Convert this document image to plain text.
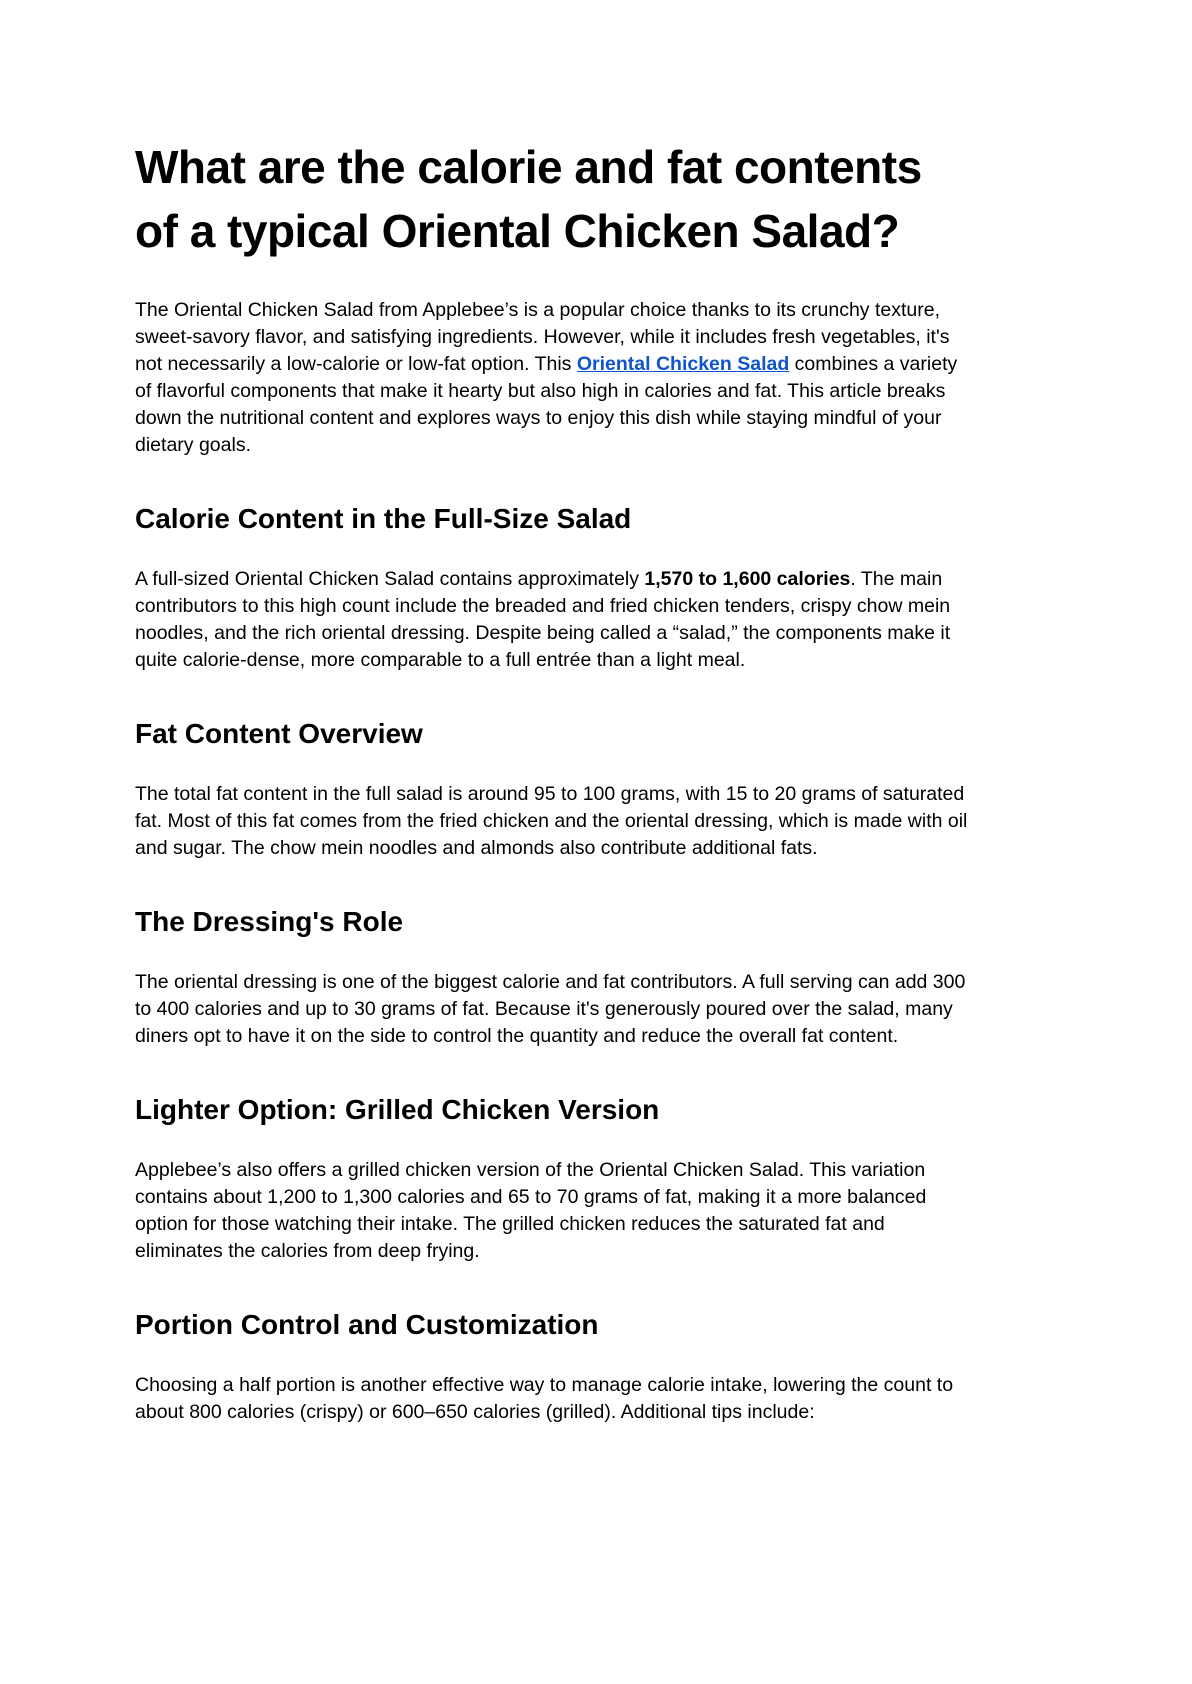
What are the calorie and fat contents of a typical Oriental Chicken Salad?

The Oriental Chicken Salad from Applebee’s is a popular choice thanks to its crunchy texture, sweet-savory flavor, and satisfying ingredients. However, while it includes fresh vegetables, it's not necessarily a low-calorie or low-fat option. This Oriental Chicken Salad combines a variety of flavorful components that make it hearty but also high in calories and fat. This article breaks down the nutritional content and explores ways to enjoy this dish while staying mindful of your dietary goals.

Calorie Content in the Full-Size Salad

A full-sized Oriental Chicken Salad contains approximately 1,570 to 1,600 calories. The main contributors to this high count include the breaded and fried chicken tenders, crispy chow mein noodles, and the rich oriental dressing. Despite being called a “salad,” the components make it quite calorie-dense, more comparable to a full entrée than a light meal.

Fat Content Overview

The total fat content in the full salad is around 95 to 100 grams, with 15 to 20 grams of saturated fat. Most of this fat comes from the fried chicken and the oriental dressing, which is made with oil and sugar. The chow mein noodles and almonds also contribute additional fats.

The Dressing's Role

The oriental dressing is one of the biggest calorie and fat contributors. A full serving can add 300 to 400 calories and up to 30 grams of fat. Because it's generously poured over the salad, many diners opt to have it on the side to control the quantity and reduce the overall fat content.

Lighter Option: Grilled Chicken Version

Applebee’s also offers a grilled chicken version of the Oriental Chicken Salad. This variation contains about 1,200 to 1,300 calories and 65 to 70 grams of fat, making it a more balanced option for those watching their intake. The grilled chicken reduces the saturated fat and eliminates the calories from deep frying.

Portion Control and Customization

Choosing a half portion is another effective way to manage calorie intake, lowering the count to about 800 calories (crispy) or 600–650 calories (grilled). Additional tips include:
